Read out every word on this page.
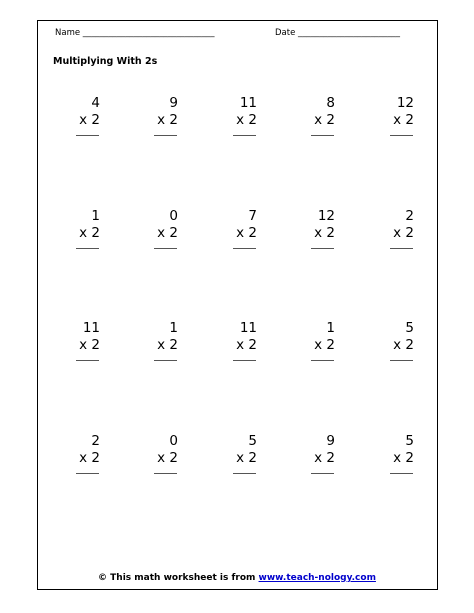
Name _______________________________	Date ________________________
Multiplying With 2s
4
x 2
9
x 2
11
x 2
8
x 2
12
x 2
1
x 2
0
x 2
7
x 2
12
x 2
2
x 2
11
x 2
1
x 2
11
x 2
1
x 2
5
x 2
2
x 2
0
x 2
5
x 2
9
x 2
5
x 2
© This math worksheet is from www.teach-nology.com
